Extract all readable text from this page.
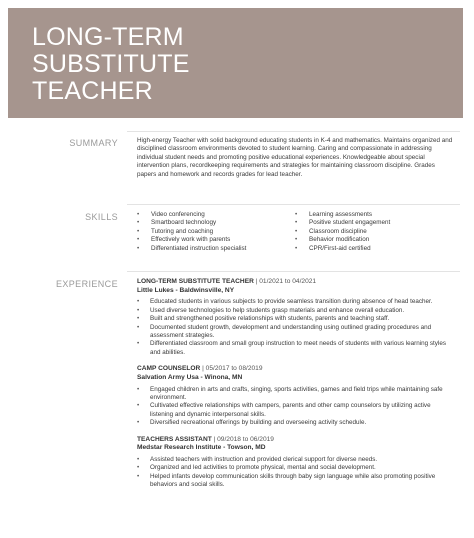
LONG-TERM
SUBSTITUTE
TEACHER
SUMMARY	High-energy Teacher with solid background educating students in K-4 and mathematics. Maintains organized and disciplined classroom environments devoted to student learning. Caring and compassionate in addressing individual student needs and promoting positive educational experiences. Knowledgeable about special intervention plans, recordkeeping requirements and strategies for maintaining classroom discipline. Grades papers and homework and records grades for lead teacher.

SKILLS
•	Video conferencing
• Smartboard technology
• Tutoring and coaching
• Effectively work with parents
• Differentiated instruction specialist
• Learning assessments
• Positive student engagement
• Classroom discipline
• Behavior modification
• CPR/First-aid certified
EXPERIENCE	LONG-TERM SUBSTITUTE TEACHER | 01/2021 to 04/2021
Little Lukes - Baldwinsville, NY
• Educated students in various subjects to provide seamless transition during absence of head teacher.
• Used diverse technologies to help students grasp materials and enhance overall education.
• Built and strengthened positive relationships with students, parents and teaching staff.
• Documented student growth, development and understanding using outlined grading procedures and assessment strategies.
• Differentiated classroom and small group instruction to meet needs of students with various learning styles and abilities.
CAMP COUNSELOR | 05/2017 to 08/2019
Salvation Army Usa - Winona, MN
• Engaged children in arts and crafts, singing, sports activities, games and field trips while maintaining safe environment.
• Cultivated effective relationships with campers, parents and other camp counselors by utilizing active listening and dynamic interpersonal skills.
• Diversified recreational offerings by building and overseeing activity schedule.
TEACHERS ASSISTANT | 09/2018 to 06/2019
Medstar Research Institute - Towson, MD
• Assisted teachers with instruction and provided clerical support for diverse needs.
• Organized and led activities to promote physical, mental and social development.
• Helped infants develop communication skills through baby sign language while also promoting positive behaviors and social skills.
